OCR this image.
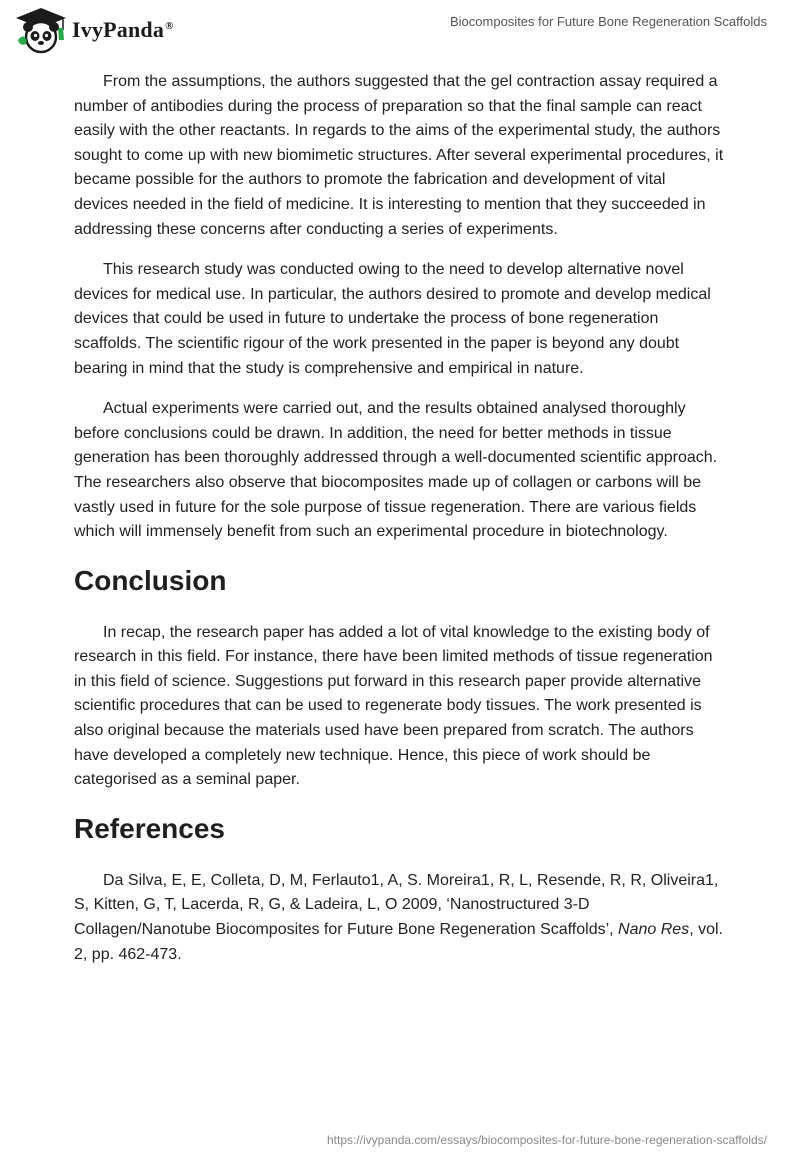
IvyPanda®	Biocomposites for Future Bone Regeneration Scaffolds

From the assumptions, the authors suggested that the gel contraction assay required a number of antibodies during the process of preparation so that the final sample can react easily with the other reactants. In regards to the aims of the experimental study, the authors sought to come up with new biomimetic structures. After several experimental procedures, it became possible for the authors to promote the fabrication and development of vital devices needed in the field of medicine. It is interesting to mention that they succeeded in addressing these concerns after conducting a series of experiments.

This research study was conducted owing to the need to develop alternative novel devices for medical use. In particular, the authors desired to promote and develop medical devices that could be used in future to undertake the process of bone regeneration scaffolds. The scientific rigour of the work presented in the paper is beyond any doubt bearing in mind that the study is comprehensive and empirical in nature.

Actual experiments were carried out, and the results obtained analysed thoroughly before conclusions could be drawn. In addition, the need for better methods in tissue generation has been thoroughly addressed through a well-documented scientific approach. The researchers also observe that biocomposites made up of collagen or carbons will be vastly used in future for the sole purpose of tissue regeneration. There are various fields which will immensely benefit from such an experimental procedure in biotechnology.

Conclusion

In recap, the research paper has added a lot of vital knowledge to the existing body of research in this field. For instance, there have been limited methods of tissue regeneration in this field of science. Suggestions put forward in this research paper provide alternative scientific procedures that can be used to regenerate body tissues. The work presented is also original because the materials used have been prepared from scratch. The authors have developed a completely new technique. Hence, this piece of work should be categorised as a seminal paper.

References

Da Silva, E, E, Colleta, D, M, Ferlauto1, A, S. Moreira1, R, L, Resende, R, R, Oliveira1, S, Kitten, G, T, Lacerda, R, G, & Ladeira, L, O 2009, ‘Nanostructured 3-D Collagen/Nanotube Biocomposites for Future Bone Regeneration Scaffolds’, Nano Res, vol. 2, pp. 462-473.

https://ivypanda.com/essays/biocomposites-for-future-bone-regeneration-scaffolds/
